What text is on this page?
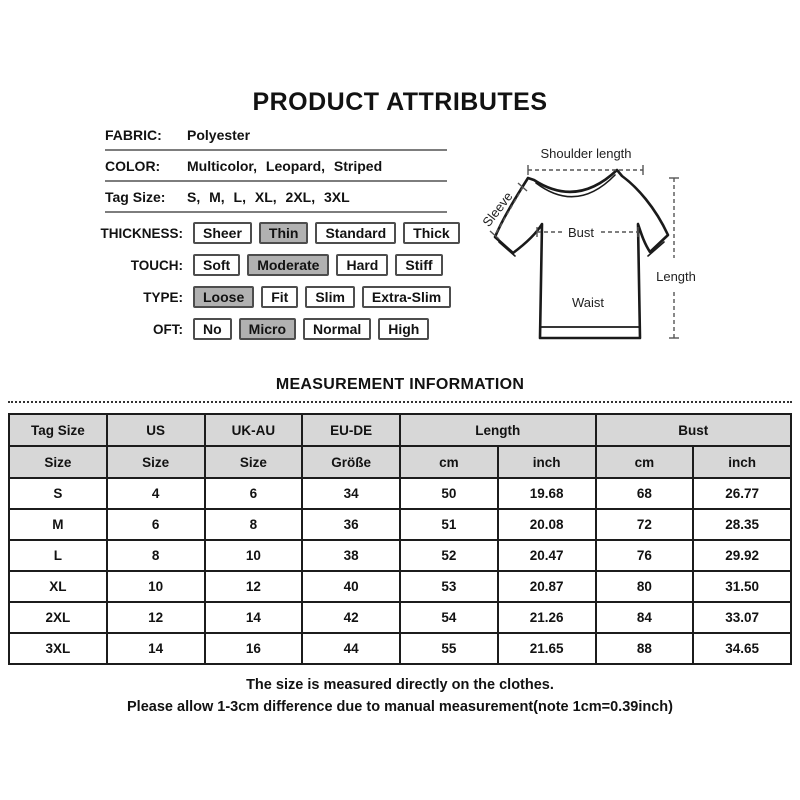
PRODUCT ATTRIBUTES
FABRIC:	Polyester
COLOR:	Multicolor, Leopard, Striped
Tag Size:	S, M, L, XL, 2XL, 3XL
THICKNESS:	Sheer	Thin	Standard	Thick
TOUCH:	Soft	Moderate	Hard	Stiff
TYPE:	Loose	Fit	Slim	Extra-Slim
OFT:	No	Micro	Normal	High
Shoulder length
Sleeve
Bust
Waist
Length
MEASUREMENT INFORMATION
Tag Size	US	UK-AU	EU-DE	Length		Bust	
Size	Size	Size	Größe	cm	inch	cm	inch
S	4	6	34	50	19.68	68	26.77
M	6	8	36	51	20.08	72	28.35
L	8	10	38	52	20.47	76	29.92
XL	10	12	40	53	20.87	80	31.50
2XL	12	14	42	54	21.26	84	33.07
3XL	14	16	44	55	21.65	88	34.65
The size is measured directly on the clothes.
Please allow 1-3cm difference due to manual measurement(note 1cm=0.39inch)
